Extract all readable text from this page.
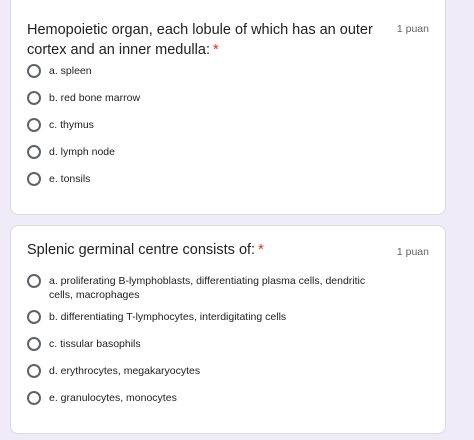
Hemopoietic organ, each lobule of which has an outer cortex and an inner medulla: *
1 puan
a. spleen
b. red bone marrow
c. thymus
d. lymph node
e. tonsils
Splenic germinal centre consists of: *	1 puan
a. proliferating B-lymphoblasts, differentiating plasma cells, dendritic cells, macrophages
b. differentiating T-lymphocytes, interdigitating cells
c. tissular basophils
d. erythrocytes, megakaryocytes
e. granulocytes, monocytes
